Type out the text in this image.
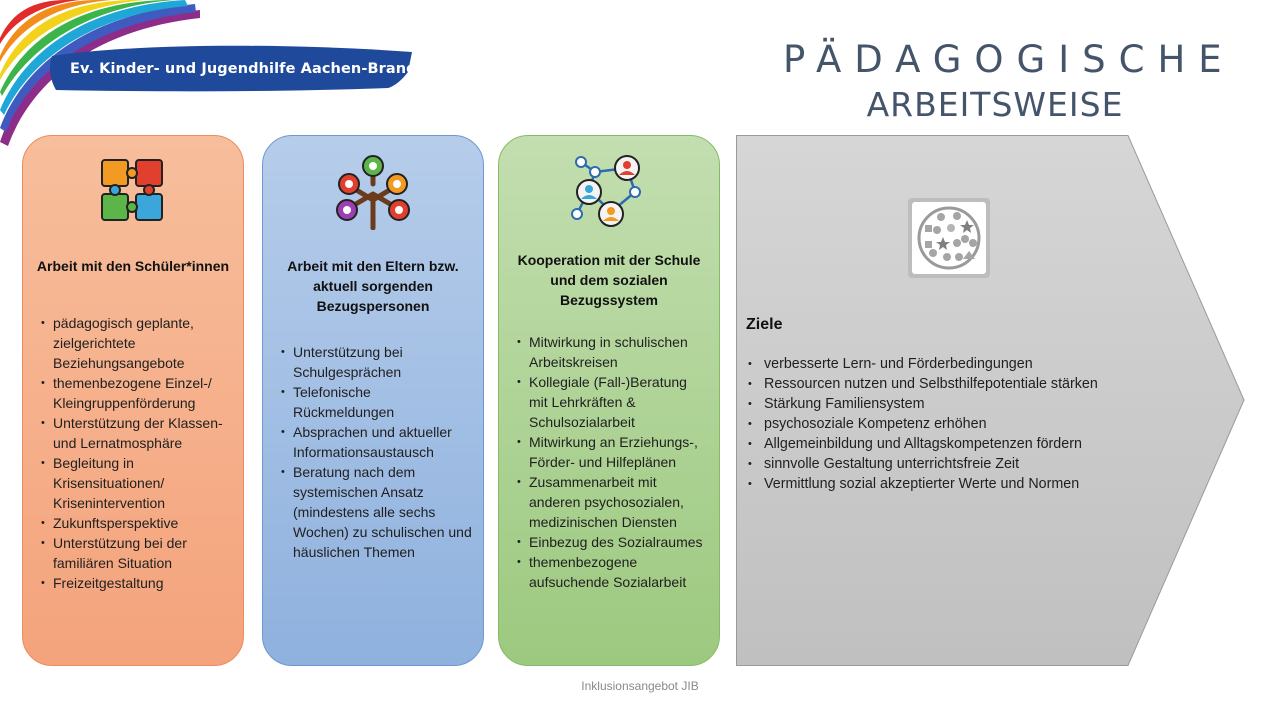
Ev. Kinder- und Jugendhilfe Aachen-Brand	PÄDAGOGISCHE
ARBEITSWEISE
Arbeit mit den Schüler*innen
• pädagogisch geplante, zielgerichtete Beziehungsangebote
• themenbezogene Einzel-/ Kleingruppenförderung
• Unterstützung der Klassen- und Lernatmosphäre
• Begleitung in Krisensituationen/ Krisenintervention
• Zukunftsperspektive
• Unterstützung bei der familiären Situation
• Freizeitgestaltung
Arbeit mit den Eltern bzw. aktuell sorgenden Bezugspersonen
• Unterstützung bei Schulgesprächen
• Telefonische Rückmeldungen
• Absprachen und aktueller Informationsaustausch
• Beratung nach dem systemischen Ansatz (mindestens alle sechs Wochen) zu schulischen und häuslichen Themen
Kooperation mit der Schule und dem sozialen Bezugssystem
• Mitwirkung in schulischen Arbeitskreisen
• Kollegiale (Fall-)Beratung mit Lehrkräften & Schulsozialarbeit
• Mitwirkung an Erziehungs-, Förder- und Hilfeplänen
• Zusammenarbeit mit anderen psychosozialen, medizinischen Diensten
• Einbezug des Sozialraumes
• themenbezogene aufsuchende Sozialarbeit
Ziele
• verbesserte Lern- und Förderbedingungen
• Ressourcen nutzen und Selbsthilfepotentiale stärken
• Stärkung Familiensystem
• psychosoziale Kompetenz erhöhen
• Allgemeinbildung und Alltagskompetenzen fördern
• sinnvolle Gestaltung unterrichtsfreie Zeit
• Vermittlung sozial akzeptierter Werte und Normen
Inklusionsangebot JIB
